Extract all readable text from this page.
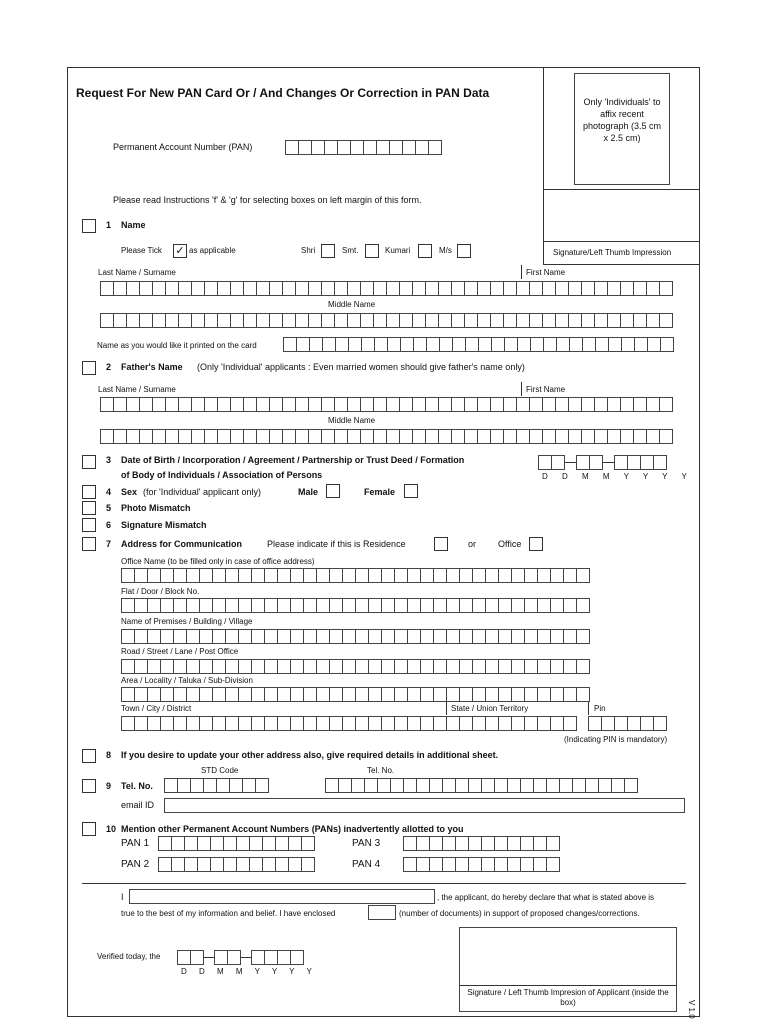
Request For New PAN Card Or / And Changes Or Correction in PAN Data
Only 'Individuals' to affix recent photograph (3.5 cm x 2.5 cm)
Signature/Left Thumb Impression
Permanent Account Number (PAN)
Please read Instructions 'f' & 'g' for selecting boxes on left margin of this form.
1 Name
Please Tick ✓ as applicable	Shri	Smt.	Kumari	M/s
Last Name / Surname	First Name
Middle Name
Name as you would like it printed on the card
2 Father's Name (Only 'Individual' applicants : Even married women should give father's name only)
Last Name / Surname	First Name
Middle Name
3 Date of Birth / Incorporation / Agreement / Partnership or Trust Deed / Formation
of Body of Individuals / Association of Persons	D D M M Y Y Y Y
4 Sex (for 'Individual' applicant only)	Male	Female
5 Photo Mismatch
6 Signature Mismatch
7 Address for Communication	Please indicate if this is Residence	or Office
Office Name (to be filled only in case of office address)
Flat / Door / Block No.
Name of Premises / Building / Village
Road / Street / Lane / Post Office
Area / Locality / Taluka / Sub-Division
Town / City / District	State / Union Territory	Pin
(Indicating PIN is mandatory)
8 If you desire to update your other address also, give required details in additional sheet.
STD Code	Tel. No.
9 Tel. No.
email ID
10 Mention other Permanent Account Numbers (PANs) inadvertently allotted to you
PAN 1	PAN 3
PAN 2	PAN 4
I	, the applicant, do hereby declare that what is stated above is
true to the best of my information and belief. I have enclosed	(number of documents) in support of proposed changes/corrections.
Verified today, the
D D M M Y Y Y Y
Signature / Left Thumb Impresion of Applicant (inside the box)	V 1.0
